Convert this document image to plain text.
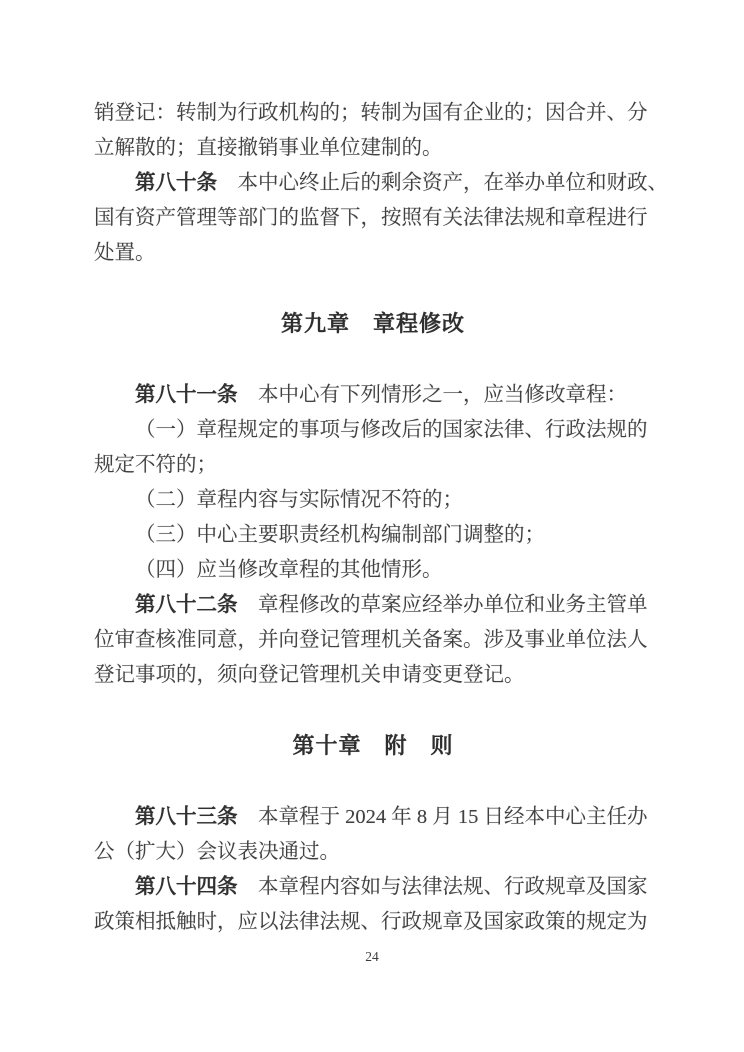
销登记：转制为行政机构的；转制为国有企业的；因合并、分
立解散的；直接撤销事业单位建制的。
第八十条　本中心终止后的剩余资产，在举办单位和财政、
国有资产管理等部门的监督下，按照有关法律法规和章程进行
处置。
第九章　章程修改
第八十一条　本中心有下列情形之一，应当修改章程：
（一）章程规定的事项与修改后的国家法律、行政法规的
规定不符的；
（二）章程内容与实际情况不符的；
（三）中心主要职责经机构编制部门调整的；
（四）应当修改章程的其他情形。
第八十二条　章程修改的草案应经举办单位和业务主管单
位审查核准同意，并向登记管理机关备案。涉及事业单位法人
登记事项的，须向登记管理机关申请变更登记。
第十章　附　则
第八十三条　本章程于 2024 年 8 月 15 日经本中心主任办
公（扩大）会议表决通过。
第八十四条　本章程内容如与法律法规、行政规章及国家
政策相抵触时，应以法律法规、行政规章及国家政策的规定为
24
